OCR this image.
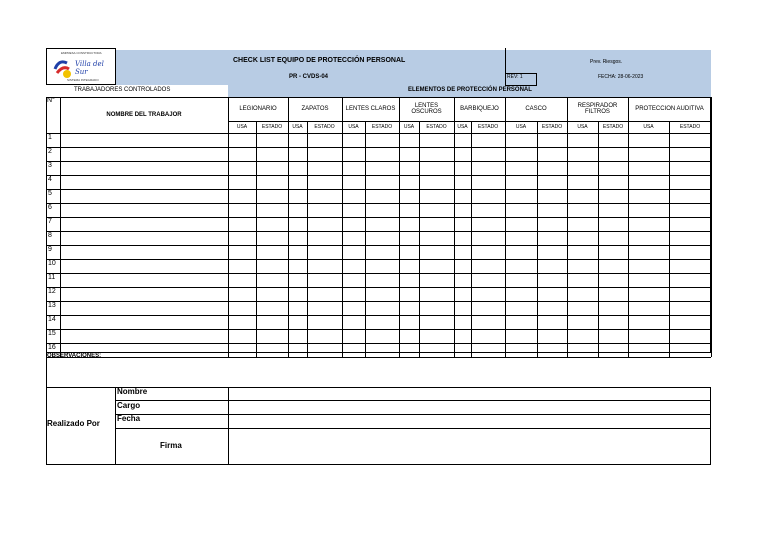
EMPRESA CONSTRUCTORA
Villa del Sur
SISTEMA INTEGRADO
CHECK LIST EQUIPO DE PROTECCIÓN PERSONAL
PR - CVDS-04
Prev. Riesgos.
REV: 1	FECHA: 28-06-2023
TRABAJADORES CONTROLADOS	ELEMENTOS DE PROTECCIÓN PERSONAL
N°
NOMBRE DEL TRABAJOR
LEGIONARIO
USA	ESTADO
ZAPATOS
USA	ESTADO
LENTES CLAROS
USA	ESTADO
LENTES OSCUROS
USA	ESTADO
BARBIQUEJO
USA	ESTADO
CASCO
USA	ESTADO
RESPIRADOR FILTROS
USA	ESTADO
PROTECCION AUDITIVA
USA	ESTADO
1
2
3
4
5
6
7
8
9
10
11
12
13
14
15
16
OBSERVACIONES:
Realizado Por
Nombre
Cargo
Fecha
Firma
